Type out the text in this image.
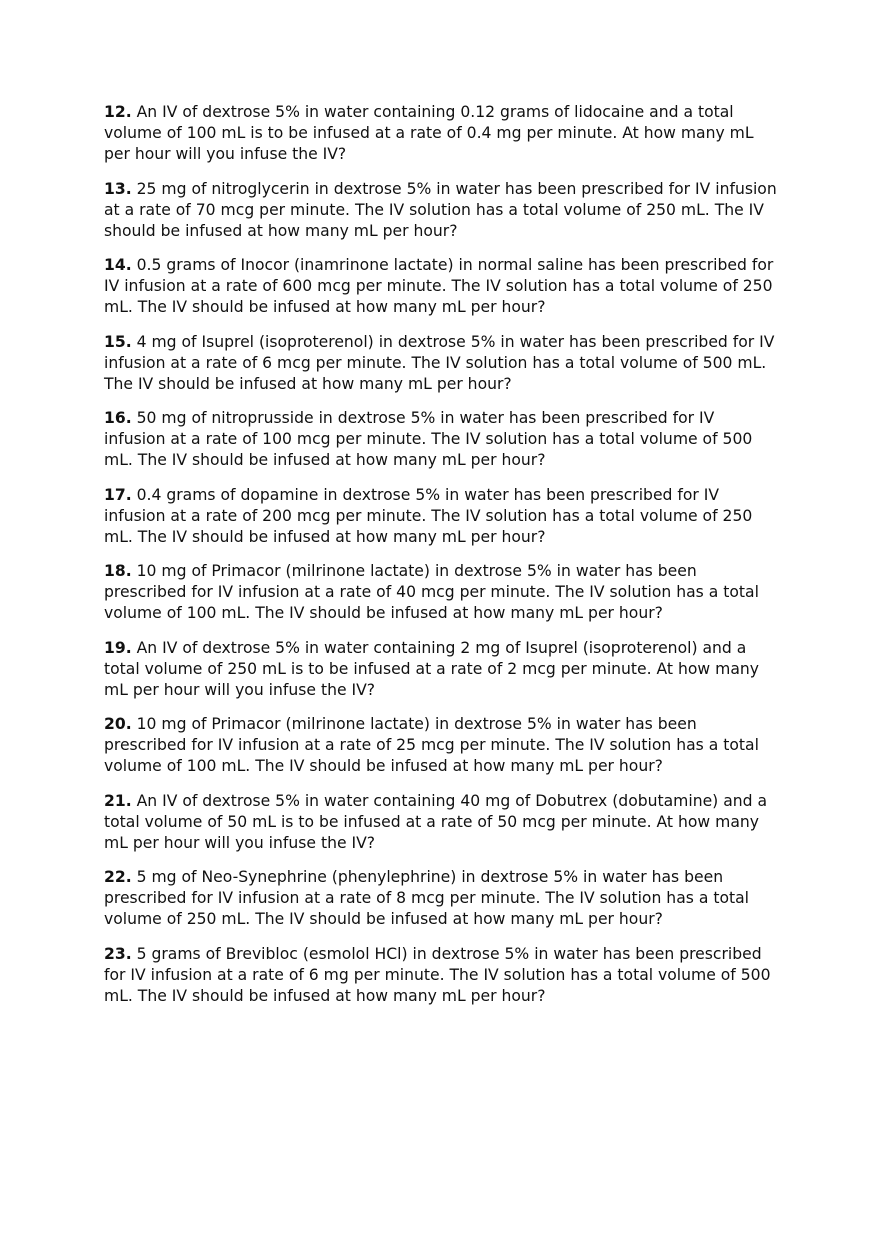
12. An IV of dextrose 5% in water containing 0.12 grams of lidocaine and a total volume of 100 mL is to be infused at a rate of 0.4 mg per minute. At how many mL per hour will you infuse the IV?

13. 25 mg of nitroglycerin in dextrose 5% in water has been prescribed for IV infusion at a rate of 70 mcg per minute. The IV solution has a total volume of 250 mL. The IV should be infused at how many mL per hour?

14. 0.5 grams of Inocor (inamrinone lactate) in normal saline has been prescribed for IV infusion at a rate of 600 mcg per minute. The IV solution has a total volume of 250 mL. The IV should be infused at how many mL per hour?

15. 4 mg of Isuprel (isoproterenol) in dextrose 5% in water has been prescribed for IV infusion at a rate of 6 mcg per minute. The IV solution has a total volume of 500 mL. The IV should be infused at how many mL per hour?

16. 50 mg of nitroprusside in dextrose 5% in water has been prescribed for IV infusion at a rate of 100 mcg per minute. The IV solution has a total volume of 500 mL. The IV should be infused at how many mL per hour?

17. 0.4 grams of dopamine in dextrose 5% in water has been prescribed for IV infusion at a rate of 200 mcg per minute. The IV solution has a total volume of 250 mL. The IV should be infused at how many mL per hour?

18. 10 mg of Primacor (milrinone lactate) in dextrose 5% in water has been prescribed for IV infusion at a rate of 40 mcg per minute. The IV solution has a total volume of 100 mL. The IV should be infused at how many mL per hour?

19. An IV of dextrose 5% in water containing 2 mg of Isuprel (isoproterenol) and a total volume of 250 mL is to be infused at a rate of 2 mcg per minute. At how many mL per hour will you infuse the IV?

20. 10 mg of Primacor (milrinone lactate) in dextrose 5% in water has been prescribed for IV infusion at a rate of 25 mcg per minute. The IV solution has a total volume of 100 mL. The IV should be infused at how many mL per hour?

21. An IV of dextrose 5% in water containing 40 mg of Dobutrex (dobutamine) and a total volume of 50 mL is to be infused at a rate of 50 mcg per minute. At how many mL per hour will you infuse the IV?

22. 5 mg of Neo-Synephrine (phenylephrine) in dextrose 5% in water has been prescribed for IV infusion at a rate of 8 mcg per minute. The IV solution has a total volume of 250 mL. The IV should be infused at how many mL per hour?

23. 5 grams of Brevibloc (esmolol HCl) in dextrose 5% in water has been prescribed for IV infusion at a rate of 6 mg per minute. The IV solution has a total volume of 500 mL. The IV should be infused at how many mL per hour?
